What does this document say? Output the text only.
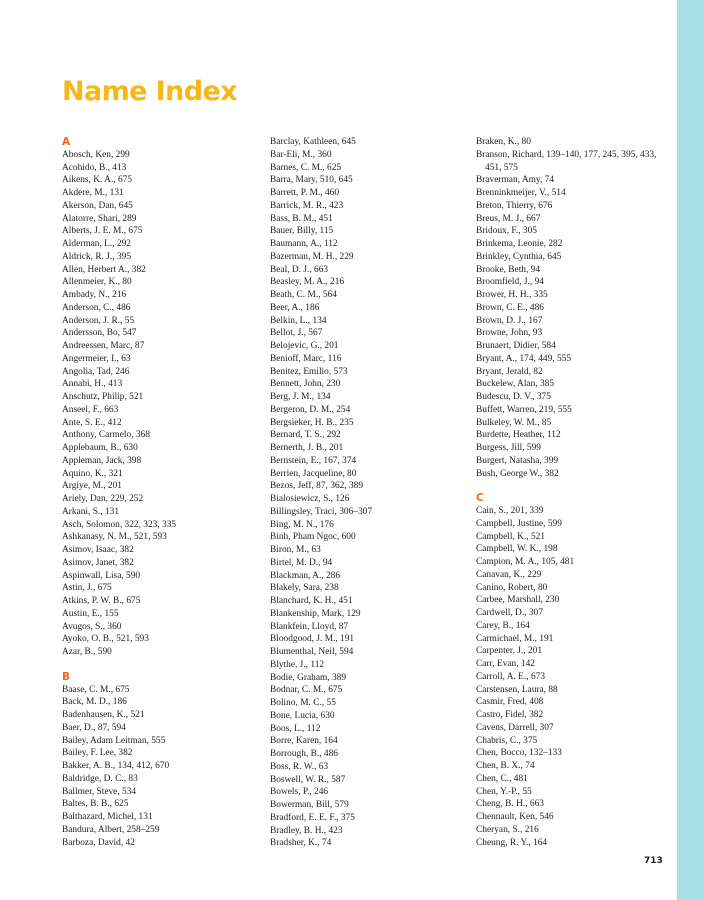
Name Index
A
Abosch, Ken, 299
Acohido, B., 413
Aikens, K. A., 675
Akdere, M., 131
Akerson, Dan, 645
Alatorre, Shari, 289
Alberts, J. E. M., 675
Alderman, L., 292
Aldrick, R. J., 395
Allen, Herbert A., 382
Allenmeier, K., 80
Ambady, N., 216
Anderson, C., 486
Anderson, J. R., 55
Andersson, Bo, 547
Andreessen, Marc, 87
Angermeier, I., 63
Angolia, Tad, 246
Annabi, H., 413
Anschutz, Philip, 521
Anseel, F., 663
Ante, S. E., 412
Anthony, Carmelo, 368
Applebaum, B., 630
Appleman, Jack, 398
Aquino, K., 321
Argiye, M., 201
Ariely, Dan, 229, 252
Arkani, S., 131
Asch, Solomon, 322, 323, 335
Ashkanasy, N. M., 521, 593
Asimov, Isaac, 382
Asimov, Janet, 382
Aspinwall, Lisa, 590
Astin, J., 675
Atkins, P. W. B., 675
Austin, E., 155
Avugos, S., 360
Ayoko, O. B., 521, 593
Azar, B., 590
B
Baase, C. M., 675
Back, M. D., 186
Badenhausen, K., 521
Baer, D., 87, 594
Bailey, Adam Leitman, 555
Bailey, F. Lee, 382
Bakker, A. B., 134, 412, 670
Baldridge, D. C., 83
Ballmer, Steve, 534
Baltes, B. B., 625
Balthazard, Michel, 131
Bandura, Albert, 258–259
Barboza, David, 42
Barclay, Kathleen, 645
Bar-Eli, M., 360
Barnes, C. M., 625
Barra, Mary, 510, 645
Barrett, P. M., 460
Barrick, M. R., 423
Bass, B. M., 451
Bauer, Billy, 115
Baumann, A., 112
Bazerman, M. H., 229
Beal, D. J., 663
Beasley, M. A., 216
Beath, C. M., 564
Beer, A., 186
Belkin, L., 134
Bellot, J., 567
Belojevic, G., 201
Benioff, Marc, 116
Benitez, Emilio, 573
Bennett, John, 230
Berg, J. M., 134
Bergeron, D. M., 254
Bergsieker, H. B., 235
Bernard, T. S., 292
Bernerth, J. B., 201
Bernstein, E., 167, 374
Berrien, Jacqueline, 80
Bezos, Jeff, 87, 362, 389
Bialosiewicz, S., 126
Billingsley, Traci, 306–307
Bing, M. N., 176
Binh, Pham Ngoc, 600
Biron, M., 63
Birtel, M. D., 94
Blackman, A., 286
Blakely, Sara, 238
Blanchard, K. H., 451
Blankenship, Mark, 129
Blankfein, Lloyd, 87
Bloodgood, J. M., 191
Blumenthal, Neil, 594
Blythe, J., 112
Bodie, Graham, 389
Bodnar, C. M., 675
Bolino, M. C., 55
Bone, Lucia, 630
Boos, L., 112
Borre, Karen, 164
Borrough, B., 486
Boss, R. W., 63
Boswell, W. R., 587
Bowels, P., 246
Bowerman, Bill, 579
Bradford, E. E. F., 375
Bradley, B. H., 423
Bradsher, K., 74
Braken, K., 80
Branson, Richard, 139–140, 177, 245, 395, 433, 451, 575
Braverman, Amy, 74
Brenninkmeijer, V., 514
Breton, Thierry, 676
Breus, M. J., 667
Bridoux, F., 305
Brinkema, Leonie, 282
Brinkley, Cynthia, 645
Brooke, Beth, 94
Broomfield, J., 94
Brower, H. H., 335
Brown, C. E., 486
Brown, D. J., 167
Browne, John, 93
Brunaert, Didier, 584
Bryant, A., 174, 449, 555
Bryant, Jerald, 82
Buckelew, Alan, 385
Budescu, D. V., 375
Buffett, Warren, 219, 555
Bulkeley, W. M., 85
Burdette, Heather, 112
Burgess, Jill, 599
Burgert, Natasha, 399
Bush, George W., 382
C
Cain, S., 201, 339
Campbell, Justine, 599
Campbell, K., 521
Campbell, W. K., 198
Campion, M. A., 105, 481
Canavan, K., 229
Canino, Robert, 80
Carbee, Marshall, 230
Cardwell, D., 307
Carey, B., 164
Carmichael, M., 191
Carpenter, J., 201
Carr, Evan, 142
Carroll, A. E., 673
Carstensen, Laura, 88
Casmir, Fred, 408
Castro, Fidel, 382
Cavens, Darrell, 307
Chabris, C., 375
Chen, Bocco, 132–133
Chen, B. X., 74
Chen, C., 481
Chen, Y.-P., 55
Cheng, B. H., 663
Chennault, Ken, 546
Cheryan, S., 216
Cheung, R. Y., 164
713
